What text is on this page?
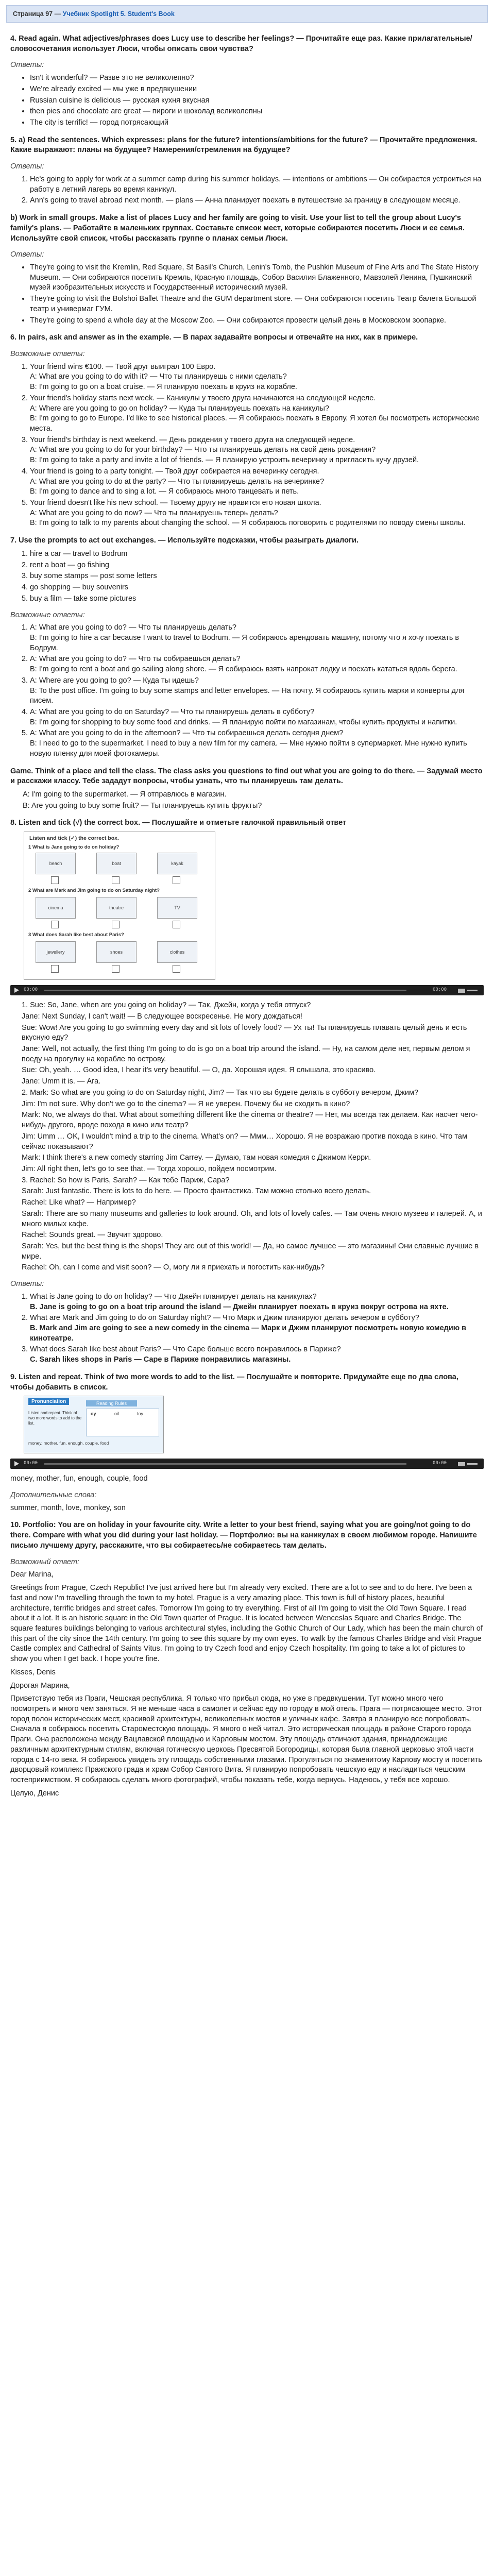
Страница 97 — Учебник Spotlight 5. Student's Book

4. Read again. What adjectives/phrases does Lucy use to describe her feelings? — Прочитайте еще раз. Какие прилагательные/словосочетания использует Люси, чтобы описать свои чувства?

Ответы:

• Isn't it wonderful? — Разве это не великолепно?
• We're already excited — мы уже в предвкушении
• Russian cuisine is delicious — русская кухня вкусная
• then pies and chocolate are great — пироги и шоколад великолепны
• The city is terrific! — город потрясающий

5. a) Read the sentences. Which expresses: plans for the future? intentions/ambitions for the future? — Прочитайте предложения. Какие выражают: планы на будущее? Намерения/стремления на будущее?

Ответы:

1. He's going to apply for work at a summer camp during his summer holidays. — intentions or ambitions — Он собирается устроиться на работу в летний лагерь во время каникул.
2. Ann's going to travel abroad next month. — plans — Анна планирует поехать в путешествие за границу в следующем месяце.

b) Work in small groups. Make a list of places Lucy and her family are going to visit. Use your list to tell the group about Lucy's family's plans. — Работайте в маленьких группах. Составьте список мест, которые собираются посетить Люси и ее семья. Используйте свой список, чтобы рассказать группе о планах семьи Люси.

Ответы:

• They're going to visit the Kremlin, Red Square, St Basil's Church, Lenin's Tomb, the Pushkin Museum of Fine Arts and The State History Museum. — Они собираются посетить Кремль, Красную площадь, Собор Василия Блаженного, Мавзолей Ленина, Пушкинский музей изобразительных искусств и Государственный исторический музей.
• They're going to visit the Bolshoi Ballet Theatre and the GUM department store. — Они собираются посетить Театр балета Большой театр и универмаг ГУМ.
• They're going to spend a whole day at the Moscow Zoo. — Они собираются провести целый день в Московском зоопарке.

6. In pairs, ask and answer as in the example. — В парах задавайте вопросы и отвечайте на них, как в примере.

Возможные ответы:

1. Your friend wins €100. — Твой друг выиграл 100 Евро.
A: What are you going to do with it? — Что ты планируешь с ними сделать?
B: I'm going to go on a boat cruise. — Я планирую поехать в круиз на корабле.
2. Your friend's holiday starts next week. — Каникулы у твоего друга начинаются на следующей неделе.
A: Where are you going to go on holiday? — Куда ты планируешь поехать на каникулы?
B: I'm going to go to Europe. I'd like to see historical places. — Я собираюсь поехать в Европу. Я хотел бы посмотреть исторические места.
3. Your friend's birthday is next weekend. — День рождения у твоего друга на следующей неделе.
A: What are you going to do for your birthday? — Что ты планируешь делать на свой день рождения?
B: I'm going to take a party and invite a lot of friends. — Я планирую устроить вечеринку и пригласить кучу друзей.
4. Your friend is going to a party tonight. — Твой друг собирается на вечеринку сегодня.
A: What are you going to do at the party? — Что ты планируешь делать на вечеринке?
B: I'm going to dance and to sing a lot. — Я собираюсь много танцевать и петь.
5. Your friend doesn't like his new school. — Твоему другу не нравится его новая школа.
A: What are you going to do now? — Что ты планируешь теперь делать?
B: I'm going to talk to my parents about changing the school. — Я собираюсь поговорить с родителями по поводу смены школы.

7. Use the prompts to act out exchanges. — Используйте подсказки, чтобы разыграть диалоги.

1. hire a car — travel to Bodrum
2. rent a boat — go fishing
3. buy some stamps — post some letters
4. go shopping — buy souvenirs
5. buy a film — take some pictures

Возможные ответы:

1. A: What are you going to do? — Что ты планируешь делать?
B: I'm going to hire a car because I want to travel to Bodrum. — Я собираюсь арендовать машину, потому что я хочу поехать в Бодрум.
2. A: What are you going to do? — Что ты собираешься делать?
B: I'm going to rent a boat and go sailing along shore. — Я собираюсь взять напрокат лодку и поехать кататься вдоль берега.
3. A: Where are you going to go? — Куда ты идешь?
B: To the post office. I'm going to buy some stamps and letter envelopes. — На почту. Я собираюсь купить марки и конверты для писем.
4. A: What are you going to do on Saturday? — Что ты планируешь делать в субботу?
B: I'm going for shopping to buy some food and drinks. — Я планирую пойти по магазинам, чтобы купить продукты и напитки.
5. A: What are you going to do in the afternoon? — Что ты собираешься делать сегодня днем?
B: I need to go to the supermarket. I need to buy a new film for my camera. — Мне нужно пойти в супермаркет. Мне нужно купить новую пленку для моей фотокамеры.

Game. Think of a place and tell the class. The class asks you questions to find out what you are going to do there. — Задумай место и расскажи классу. Тебе зададут вопросы, чтобы узнать, что ты планируешь там делать.

A: I'm going to the supermarket. — Я отправлюсь в магазин.

B: Are you going to buy some fruit? — Ты планируешь купить фрукты?

8. Listen and tick (√) the correct box. — Послушайте и отметьте галочкой правильный ответ

Listen and tick (✓) the correct box.
1 What is Jane going to do on holiday?
beach	boat	kayak
2 What are Mark and Jim going to do on Saturday night?
cinema	theatre	TV
3 What does Sarah like best about Paris?
jewellery	shoes	clothes
00:00	00:00

1. Sue: So, Jane, when are you going on holiday? — Так, Джейн, когда у тебя отпуск?

Jane: Next Sunday, I can't wait! — В следующее воскресенье. Не могу дождаться!

Sue: Wow! Are you going to go swimming every day and sit lots of lovely food? — Ух ты! Ты планируешь плавать целый день и есть вкусную еду?

Jane: Well, not actually, the first thing I'm going to do is go on a boat trip around the island. — Ну, на самом деле нет, первым делом я поеду на прогулку на корабле по острову.

Sue: Oh, yeah. … Good idea, I hear it's very beautiful. — О, да. Хорошая идея. Я слышала, это красиво.

Jane: Umm it is. — Ага.

2. Mark: So what are you going to do on Saturday night, Jim? — Так что вы будете делать в субботу вечером, Джим?

Jim: I'm not sure. Why don't we go to the cinema? — Я не уверен. Почему бы не сходить в кино?

Mark: No, we always do that. What about something different like the cinema or theatre? — Нет, мы всегда так делаем. Как насчет чего-нибудь другого, вроде похода в кино или театр?

Jim: Umm … OK, I wouldn't mind a trip to the cinema. What's on? — Ммм… Хорошо. Я не возражаю против похода в кино. Что там сейчас показывают?

Mark: I think there's a new comedy starring Jim Carrey. — Думаю, там новая комедия с Джимом Керри.

Jim: All right then, let's go to see that. — Тогда хорошо, пойдем посмотрим.

3. Rachel: So how is Paris, Sarah? — Как тебе Париж, Сара?

Sarah: Just fantastic. There is lots to do here. — Просто фантастика. Там можно столько всего делать.

Rachel: Like what? — Например?

Sarah: There are so many museums and galleries to look around. Oh, and lots of lovely cafes. — Там очень много музеев и галерей. А, и много милых кафе.

Rachel: Sounds great. — Звучит здорово.

Sarah: Yes, but the best thing is the shops! They are out of this world! — Да, но самое лучшее — это магазины! Они славные лучшие в мире.

Rachel: Oh, can I come and visit soon? — О, могу ли я приехать и погостить как-нибудь?

Ответы:

1. What is Jane going to do on holiday? — Что Джейн планирует делать на каникулах?
B. Jane is going to go on a boat trip around the island — Джейн планирует поехать в круиз вокруг острова на яхте.
2. What are Mark and Jim going to do on Saturday night? — Что Марк и Джим планируют делать вечером в субботу?
B. Mark and Jim are going to see a new comedy in the cinema — Марк и Джим планируют посмотреть новую комедию в кинотеатре.
3. What does Sarah like best about Paris? — Что Саре больше всего понравилось в Париже?
C. Sarah likes shops in Paris — Саре в Париже понравились магазины.

9. Listen and repeat. Think of two more words to add to the list. — Послушайте и повторите. Придумайте еще по два слова, чтобы добавить в список.

Pronunciation	Reading Rules
oy	oil	toy
Listen and repeat. Think of two more words to add to the list.
money, mother, fun, enough, couple, food
00:00	00:00

money, mother, fun, enough, couple, food

Дополнительные слова:

summer, month, love, monkey, son

10. Portfolio: You are on holiday in your favourite city. Write a letter to your best friend, saying what you are going/not going to do there. Compare with what you did during your last holiday. — Портфолио: вы на каникулах в своем любимом городе. Напишите письмо лучшему другу, расскажите, что вы собираетесь/не собираетесь там делать.

Возможный ответ:

Dear Marina,

Greetings from Prague, Czech Republic! I've just arrived here but I'm already very excited. There are a lot to see and to do here. I've been a fast and now I'm travelling through the town to my hotel. Prague is a very amazing place. This town is full of history places, beautiful architecture, terrific bridges and street cafes. Tomorrow I'm going to try everything. First of all I'm going to visit the Old Town Square. I read about it a lot. It is an historic square in the Old Town quarter of Prague. It is located between Wenceslas Square and Charles Bridge. The square features buildings belonging to various architectural styles, including the Gothic Church of Our Lady, which has been the main church of this part of the city since the 14th century. I'm going to see this square by my own eyes. To walk by the famous Charles Bridge and visit Prague Castle complex and Cathedral of Saints Vitus. I'm going to try Czech food and enjoy Czech hospitality. I'm going to take a lot of pictures to show you when I get back. I hope you're fine.

Kisses, Denis

Дорогая Марина,

Приветствую тебя из Праги, Чешская республика. Я только что прибыл сюда, но уже в предвкушении. Тут можно много чего посмотреть и много чем заняться. Я не меньше часа в самолет и сейчас еду по городу в мой отель. Прага — потрясающее место. Этот город полон исторических мест, красивой архитектуры, великолепных мостов и уличных кафе. Завтра я планирую все попробовать. Сначала я собираюсь посетить Староместскую площадь. Я много о ней читал. Это историческая площадь в районе Старого города Праги. Она расположена между Вацлавской площадью и Карловым мостом. Эту площадь отличают здания, принадлежащие различным архитектурным стилям, включая готическую церковь Пресвятой Богородицы, которая была главной церковью этой части города с 14-го века. Я собираюсь увидеть эту площадь собственными глазами. Прогуляться по знаменитому Карлову мосту и посетить дворцовый комплекс Пражского града и храм Собор Святого Вита. Я планирую попробовать чешскую еду и насладиться чешским гостеприимством. Я собираюсь сделать много фотографий, чтобы показать тебе, когда вернусь. Надеюсь, у тебя все хорошо.

Целую, Денис
